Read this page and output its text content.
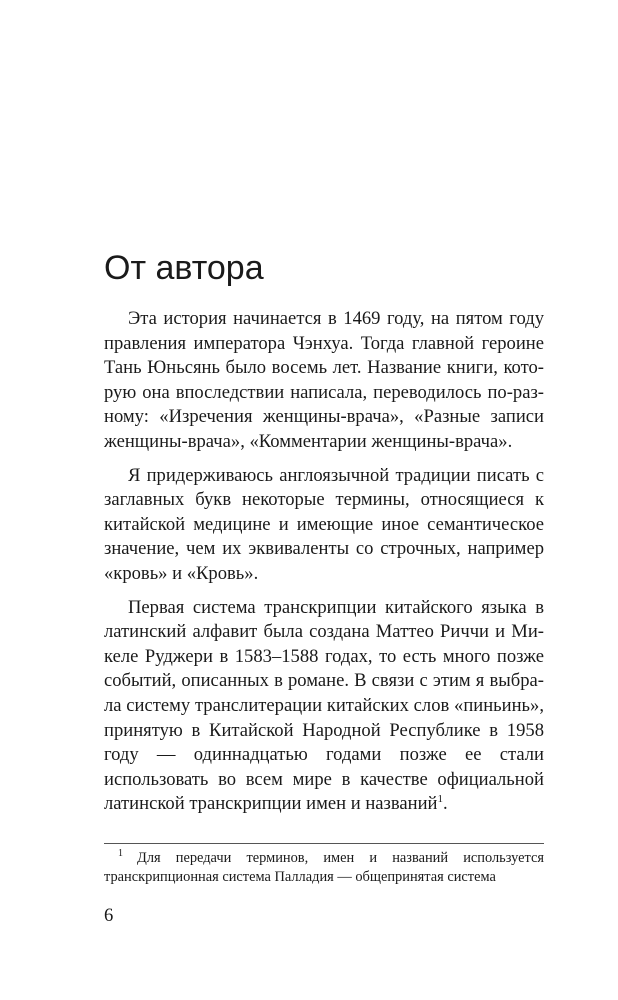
От автора

Эта история начинается в 1469 году, на пятом году правления императора Чэнхуа. Тогда главной героине Тань Юньсянь было восемь лет. Название книги, которую она впоследствии написала, переводилось по-разному: «Изречения женщины-врача», «Разные записи женщины-врача», «Комментарии женщины-врача».

Я придерживаюсь англоязычной традиции писать с заглавных букв некоторые термины, относящиеся к китайской медицине и имеющие иное семантическое значение, чем их эквиваленты со строчных, например «кровь» и «Кровь».

Первая система транскрипции китайского языка в латинский алфавит была создана Маттео Риччи и Микеле Руджери в 1583–1588 годах, то есть много позже событий, описанных в романе. В связи с этим я выбрала систему транслитерации китайских слов «пиньинь», принятую в Китайской Народной Республике в 1958 году — одиннадцатью годами позже ее стали использовать во всем мире в качестве официальной латинской транскрипции имен и названий$^1$.

$^1$ Для передачи терминов, имен и названий используется транскрипционная система Палладия — общепринятая система

6
